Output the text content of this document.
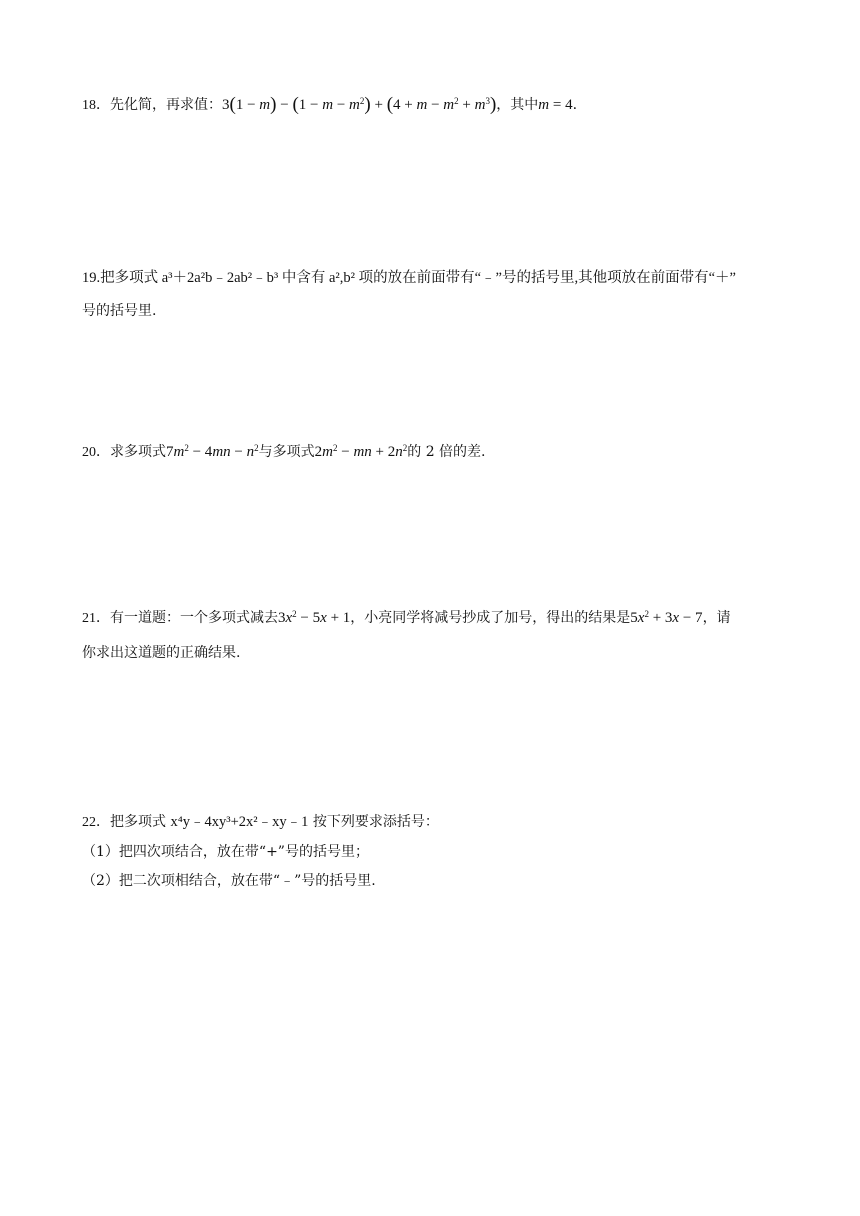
18．先化简，再求值：$3(1 - m) - (1 - m - m^2) + (4 + m - m^2 + m^3)$，其中m = 4.
19.把多项式 a³＋2a²b﹣2ab²﹣b³ 中含有 a²,b² 项的放在前面带有“﹣”号的括号里,其他项放在前面带有“＋”
号的括号里.
20．求多项式$7m^2 - 4mn - n^2$与多项式$2m^2$ − mn + $2n^2$的 2 倍的差.
21．有一道题：一个多项式减去$3x^2 - 5x + 1$，小亮同学将减号抄成了加号，得出的结果是$5x^2 + 3x - 7$，请
你求出这道题的正确结果.
22．把多项式 x⁴y﹣4xy³+2x²﹣xy﹣1 按下列要求添括号：
（1）把四次项结合，放在带“+”号的括号里；
（2）把二次项相结合，放在带“﹣”号的括号里.
